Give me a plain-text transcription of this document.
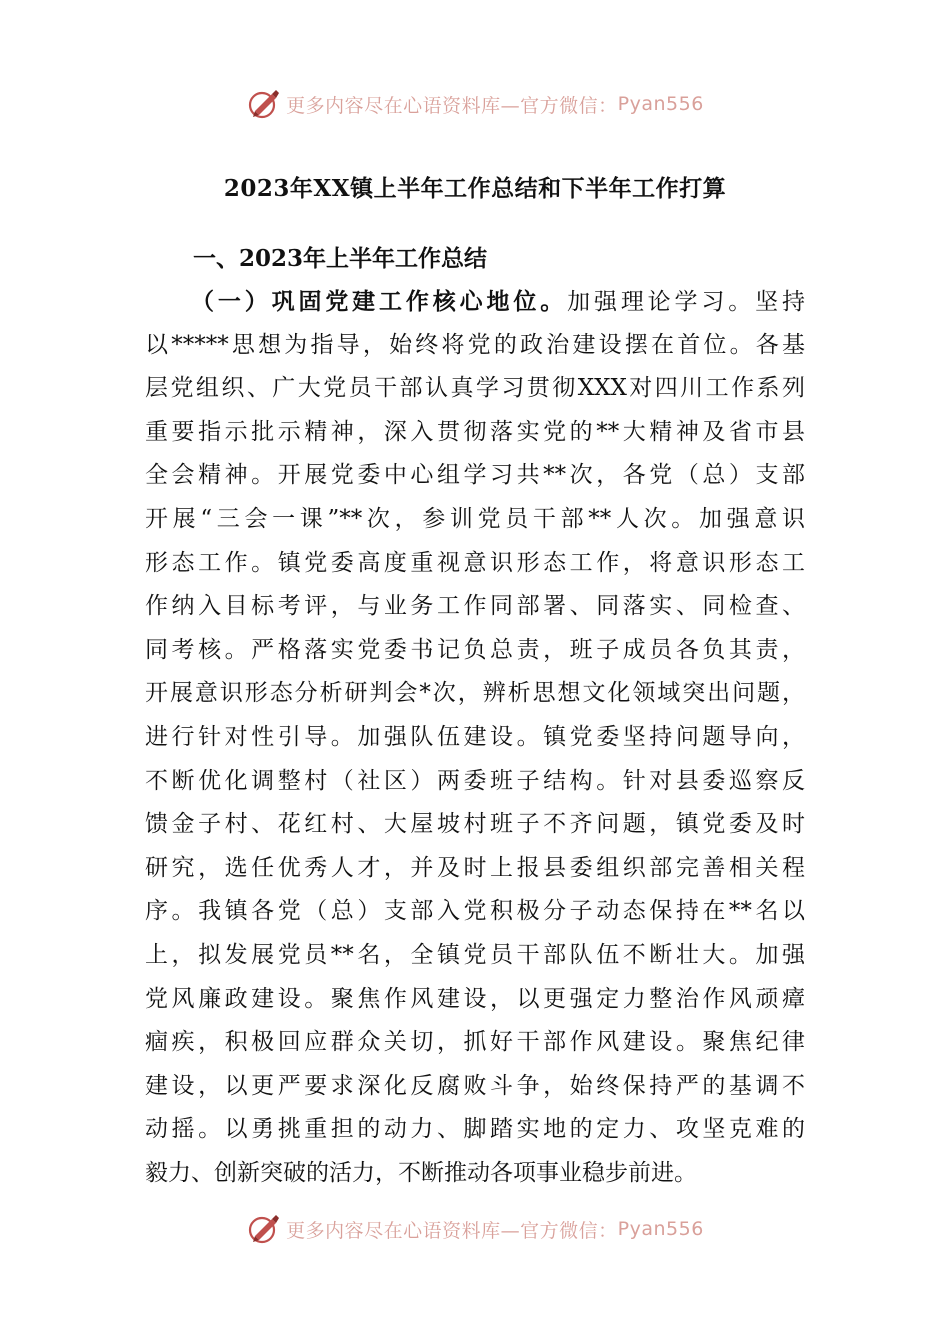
更多内容尽在心语资料库—官方微信： Pyan556
2023年XX镇上半年工作总结和下半年工作打算
一、2023年上半年工作总结
（一）巩固党建工作核心地位。加强理论学习。坚持
以*****思想为指导，始终将党的政治建设摆在首位。各基
层党组织、广大党员干部认真学习贯彻XXX对四川工作系列
重要指示批示精神，深入贯彻落实党的**大精神及省市县
全会精神。开展党委中心组学习共**次，各党（总）支部
开展“三会一课”**次，参训党员干部**人次。加强意识
形态工作。镇党委高度重视意识形态工作，将意识形态工
作纳入目标考评，与业务工作同部署、同落实、同检查、
同考核。严格落实党委书记负总责，班子成员各负其责，
开展意识形态分析研判会*次，辨析思想文化领域突出问题，
进行针对性引导。加强队伍建设。镇党委坚持问题导向，
不断优化调整村（社区）两委班子结构。针对县委巡察反
馈金子村、花红村、大屋坡村班子不齐问题，镇党委及时
研究，选任优秀人才，并及时上报县委组织部完善相关程
序。我镇各党（总）支部入党积极分子动态保持在**名以
上，拟发展党员**名，全镇党员干部队伍不断壮大。加强
党风廉政建设。聚焦作风建设，以更强定力整治作风顽瘴
痼疾，积极回应群众关切，抓好干部作风建设。聚焦纪律
建设，以更严要求深化反腐败斗争，始终保持严的基调不
动摇。以勇挑重担的动力、脚踏实地的定力、攻坚克难的
毅力、创新突破的活力，不断推动各项事业稳步前进。
更多内容尽在心语资料库—官方微信： Pyan556
